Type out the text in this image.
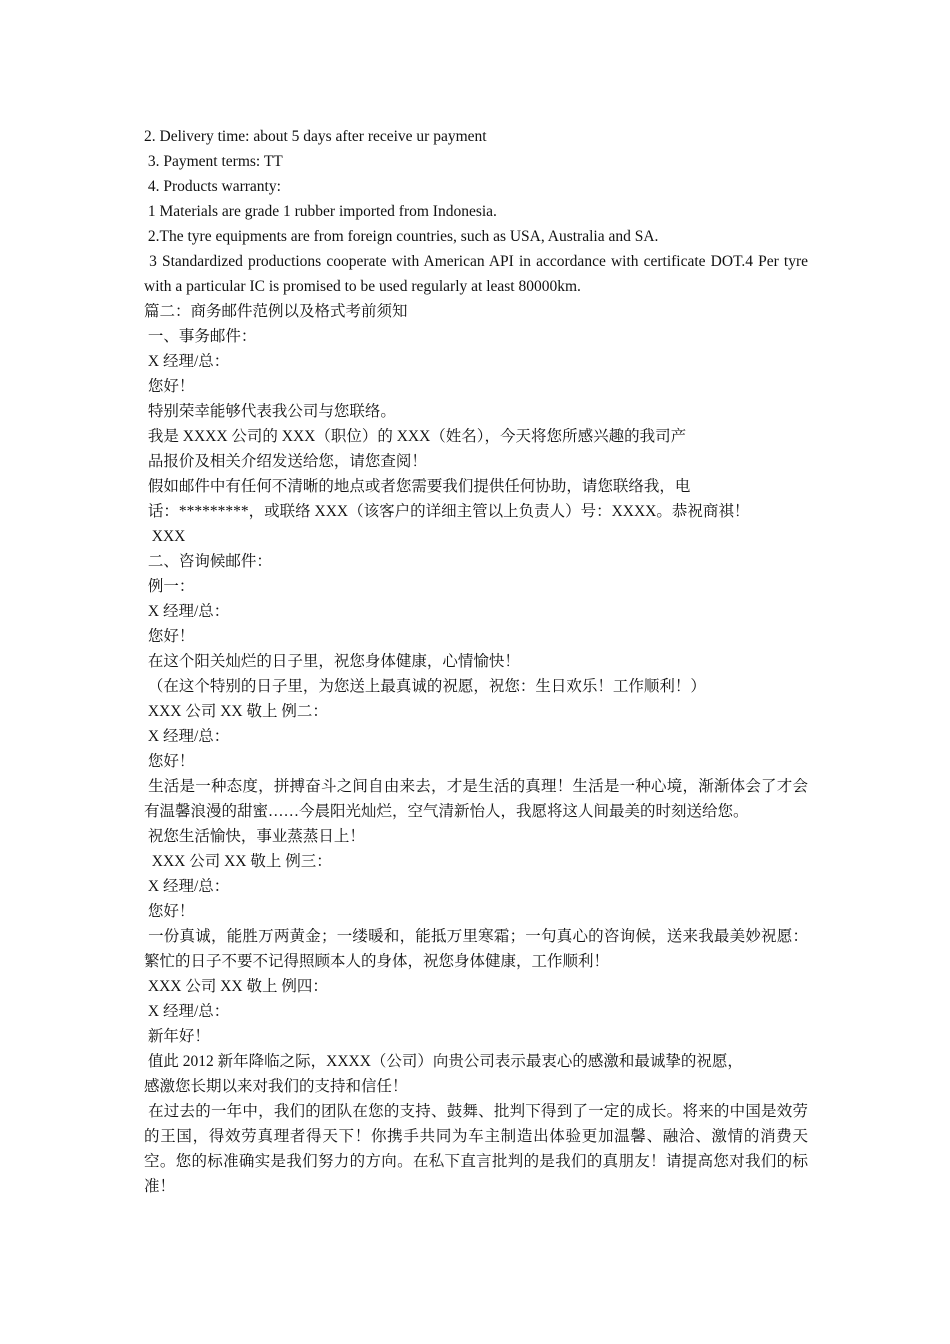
2. Delivery time: about 5 days after receive ur payment

3. Payment terms: TT

4. Products warranty:

1 Materials are grade 1 rubber imported from Indonesia.

2.The tyre equipments are from foreign countries, such as USA, Australia and SA.

3 Standardized productions cooperate with American API in accordance with certificate DOT.4 Per tyre with a particular IC is promised to be used regularly at least 80000km.

篇二：商务邮件范例以及格式考前须知

一、事务邮件：

X 经理/总：

您好！

特别荣幸能够代表我公司与您联络。

我是 XXXX 公司的 XXX（职位）的 XXX（姓名），今天将您所感兴趣的我司产

品报价及相关介绍发送给您，请您查阅！

假如邮件中有任何不清晰的地点或者您需要我们提供任何协助，请您联络我，电

话：*********，或联络 XXX（该客户的详细主管以上负责人）号：XXXX。恭祝商祺！

XXX

二、咨询候邮件：

例一：

X 经理/总：

您好！

在这个阳关灿烂的日子里，祝您身体健康，心情愉快！

（在这个特别的日子里，为您送上最真诚的祝愿，祝您：生日欢乐！工作顺利！）

XXX 公司 XX 敬上 例二：

X 经理/总：

您好！

生活是一种态度，拼搏奋斗之间自由来去，才是生活的真理！生活是一种心境，渐渐体会了才会有温馨浪漫的甜蜜……今晨阳光灿烂，空气清新怡人，我愿将这人间最美的时刻送给您。

祝您生活愉快，事业蒸蒸日上！

XXX 公司 XX 敬上 例三：

X 经理/总：

您好！

一份真诚，能胜万两黄金；一缕暖和，能抵万里寒霜；一句真心的咨询候，送来我最美妙祝愿：繁忙的日子不要不记得照顾本人的身体，祝您身体健康，工作顺利！

XXX 公司 XX 敬上 例四：

X 经理/总：

新年好！

值此 2012 新年降临之际，XXXX（公司）向贵公司表示最衷心的感激和最诚挚的祝愿，

感激您长期以来对我们的支持和信任！

在过去的一年中，我们的团队在您的支持、鼓舞、批判下得到了一定的成长。将来的中国是效劳的王国，得效劳真理者得天下！你携手共同为车主制造出体验更加温馨、融洽、激情的消费天空。您的标准确实是我们努力的方向。在私下直言批判的是我们的真朋友！请提高您对我们的标准！
